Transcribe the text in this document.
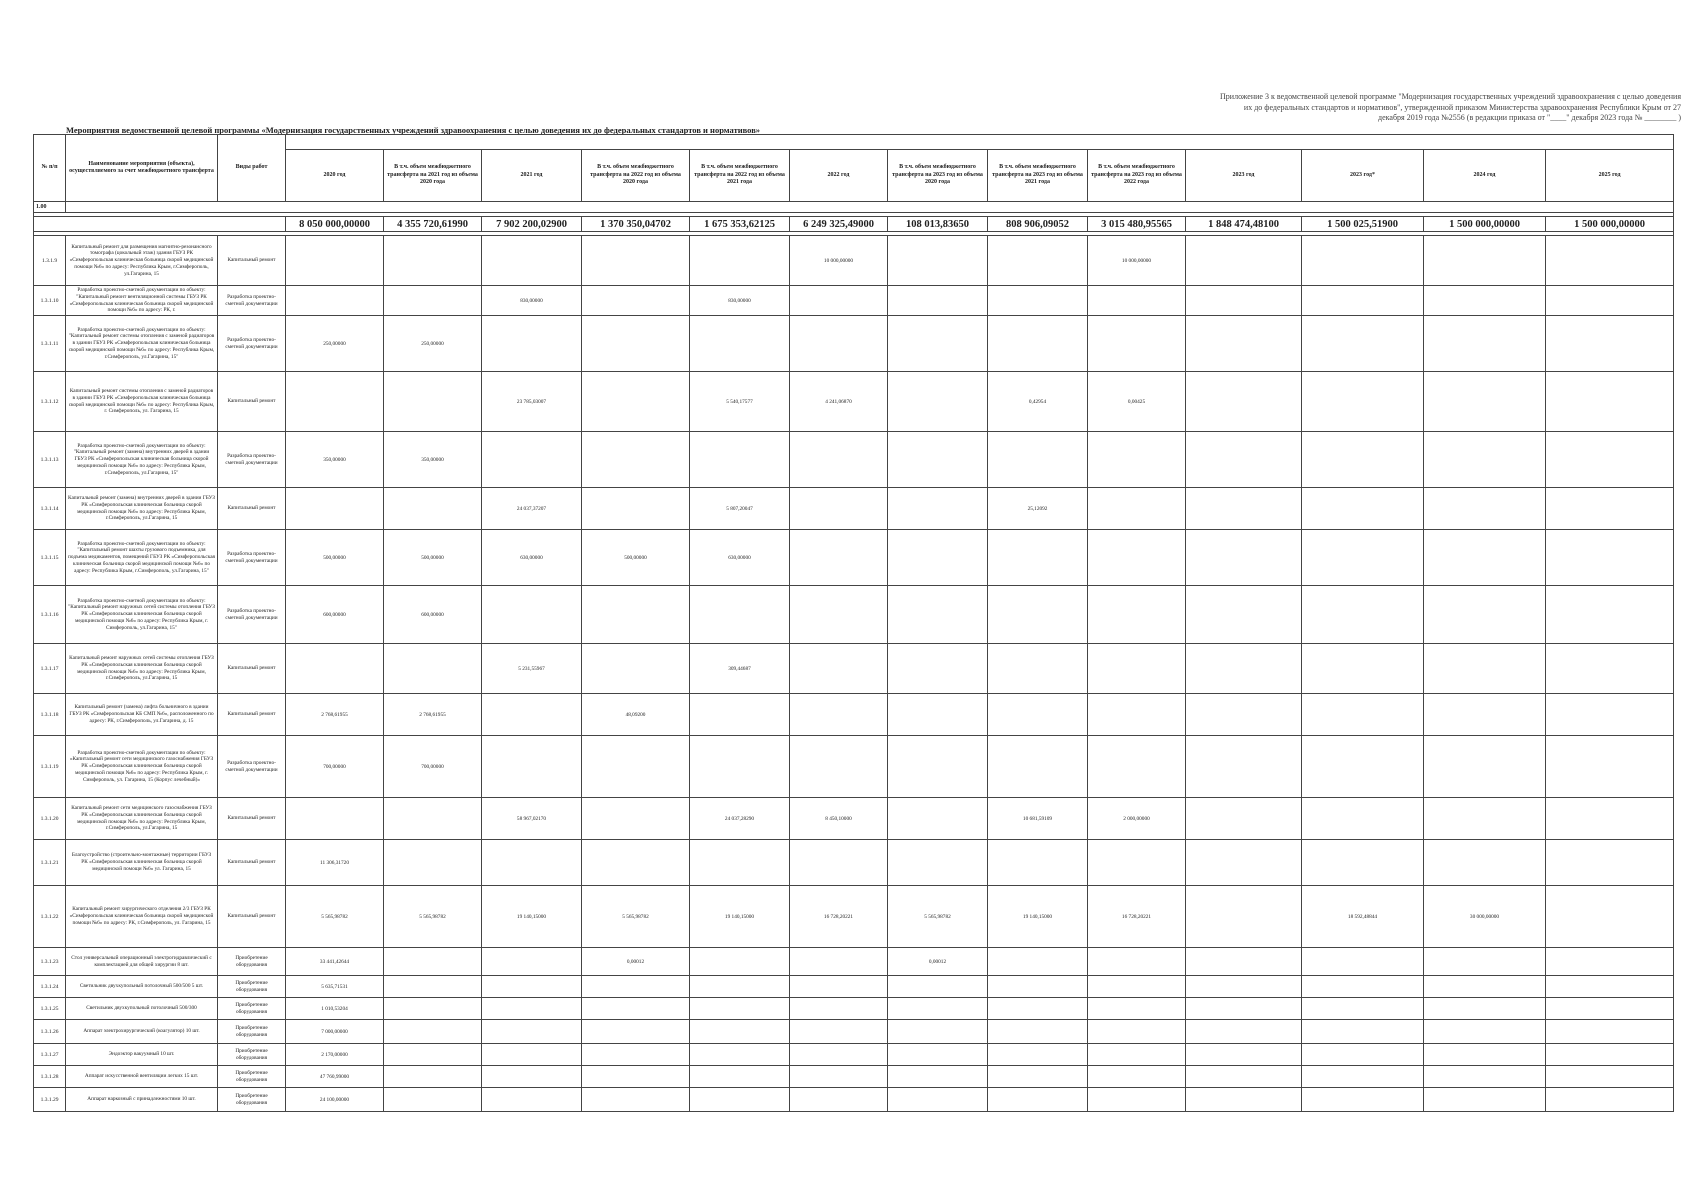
Приложение 3 к ведомственной целевой программе "Модернизация государственных учреждений здравоохранения с целью доведения
их до федеральных стандартов и нормативов", утвержденной приказом Министерства здравоохранения Республики Крым от 27
декабря 2019 года №2556 (в редакции приказа от "____" декабря 2023 года № ________ )
Мероприятия ведомственной целевой программы «Модернизация государственных учреждений здравоохранения с целью доведения их до федеральных стандартов и нормативов»
№ п/п	Наименование мероприятия (объекта), осуществляемого за счет межбюджетного трансферта	Виды работ													
			2020 год	В т.ч. объем межбюджетного трансферта на 2021 год из объема 2020 года	2021 год	В т.ч. объем межбюджетного трансферта на 2022 год из объема 2020 года	В т.ч. объем межбюджетного трансферта на 2022 год из объема 2021 года	2022 год	В т.ч. объем межбюджетного трансферта на 2023 год из объема 2020 года	В т.ч. объем межбюджетного трансферта на 2023 год из объема 2021 года	В т.ч. объем межбюджетного трансферта на 2023 год из объема 2022 года	2023 год	2023 год*	2024 год	2025 год
1.00															

			8 050 000,00000	4 355 720,61990	7 902 200,02900	1 370 350,04702	1 675 353,62125	6 249 325,49000	108 013,83650	808 906,09052	3 015 480,95565	1 848 474,48100	1 500 025,51900	1 500 000,00000	1 500 000,00000

1.3.1.9	Капитальный ремонт для размещения магнитно-резонансного томографа (цокольный этаж) здания ГБУЗ РК «Симферопольская клиническая больница скорой медицинской помощи №6» по адресу: Республика Крым, г.Симферополь, ул.Гагарина, 15	Капитальный ремонт						10 000,00000			10 000,00000				
1.3.1.10	Разработка проектно-сметной документации по объекту: "Капитальный ремонт вентиляционной системы ГБУЗ РК «Симферопольская клиническая больница скорой медицинской помощи №6» по адресу: РК, г.	Разработка проектно-сметной документации			830,00000		830,00000								
1.3.1.11	Разработка проектно-сметной документации по объекту: "Капитальный ремонт системы отопления с заменой радиаторов в здании ГБУЗ РК «Симферопольская клиническая больница скорой медицинской помощи №6» по адресу: Республика Крым, г.Симферополь, ул.Гагарина, 15"	Разработка проектно-сметной документации	250,00000	250,00000											
1.3.1.12	Капитальный ремонт системы отопления с заменой радиаторов в здании ГБУЗ РК «Симферопольская клиническая больница скорой медицинской помощи №6» по адресу: Республика Крым, г. Симферополь, ул. Гагарина, 15	Капитальный ремонт			23 785,03007		5 540,17577	4 241,06870		0,42954	0,00425				
1.3.1.13	Разработка проектно-сметной документации по объекту: "Капитальный ремонт (замена) внутренних дверей в здании ГБУЗ РК «Симферопольская клиническая больница скорой медицинской помощи №6» по адресу: Республика Крым, г.Симферополь, ул.Гагарина, 15"	Разработка проектно-сметной документации	350,00000	350,00000											
1.3.1.14	Капитальный ремонт (замена) внутренних дверей в здании ГБУЗ РК «Симферопольская клиническая больница скорой медицинской помощи №6» по адресу: Республика Крым, г.Симферополь, ул.Гагарина, 15	Капитальный ремонт			24 037,37207		5 807,20047			25,12092					
1.3.1.15	Разработка проектно-сметной документации по объекту: "Капитальный ремонт шахты грузового подъемника, для подъема медикаментов, помещений ГБУЗ РК «Симферопольская клиническая больница скорой медицинской помощи №6» по адресу: Республика Крым, г.Симферополь, ул.Гагарина, 15"	Разработка проектно-сметной документации	500,00000	500,00000	630,00000	500,00000	630,00000								
1.3.1.16	Разработка проектно-сметной документации по объекту: "Капитальный ремонт наружных сетей системы отопления ГБУЗ РК «Симферопольская клиническая больница скорой медицинской помощи №6» по адресу: Республика Крым, г. Симферополь, ул.Гагарина, 15"	Разработка проектно-сметной документации	600,00000	600,00000											
1.3.1.17	Капитальный ремонт наружных сетей системы отопления ГБУЗ РК «Симферопольская клиническая больница скорой медицинской помощи №6» по адресу: Республика Крым, г.Симферополь, ул.Гагарина, 15	Капитальный ремонт			5 231,55967		309,44687								
1.3.1.18	Капитальный ремонт (замена) лифта больничного в здании ГБУЗ РК «Симферопольская КБ СМП №6», расположенного по адресу: РК, г.Симферополь, ул.Гагарина, д. 15	Капитальный ремонт	2 768,61955	2 768,61955		48,09200									
1.3.1.19	Разработка проектно-сметной документации по объекту: «Капитальный ремонт сети медицинского газоснабжения ГБУЗ РК «Симферопольская клиническая больница скорой медицинской помощи №6» по адресу: Республика Крым, г. Симферополь, ул. Гагарина, 15 (Корпус лечебный)»	Разработка проектно-сметной документации	700,00000	700,00000											
1.3.1.20	Капитальный ремонт сети медицинского газоснабжения ГБУЗ РК «Симферопольская клиническая больница скорой медицинской помощи №6» по адресу: Республика Крым, г.Симферополь, ул.Гагарина, 15	Капитальный ремонт			58 967,02170		24 037,28290	8 450,10000		10 681,59109	2 000,00000				
1.3.1.21	Благоустройство (строительно-монтажные) территории ГБУЗ РК «Симферопольская клиническая больница скорой медицинской помощи №6» ул. Гагарина, 15	Капитальный ремонт	11 306,31720												
1.3.1.22	Капитальный ремонт хирургического отделения 2/3 ГБУЗ РК «Симферопольская клиническая больница скорой медицинской помощи №6» по адресу: РК, г.Симферополь, ул. Гагарина, 15	Капитальный ремонт	5 565,98782	5 565,98782	19 140,15000	5 565,98782	19 140,15000	16 728,20221	5 565,98782	19 140,15000	16 728,20221		18 592,48844	30 000,00000	
1.3.1.23	Стол универсальный операционный электрогидравлический с комплектацией для общей хирургии 8 шт.	Приобретение оборудования	33 441,42644			0,00012			0,00012						
1.3.1.24	Светильник двухкупольный потолочный 500/500 5 шт.	Приобретение оборудования	5 635,71531												
1.3.1.25	Светильник двухкупольный потолочный 500/300	Приобретение оборудования	1 010,53204												
1.3.1.26	Аппарат электрохирургический (коагулятор) 10 шт.	Приобретение оборудования	7 000,00000												
1.3.1.27	Эндоэктор вакуумный 10 шт.	Приобретение оборудования	2 170,00000												
1.3.1.28	Аппарат искусственной вентиляции легких 15 шт.	Приобретение оборудования	47 760,99000												
1.3.1.29	Аппарат наркозный с принадлежностями 10 шт.	Приобретение оборудования	24 100,00000												
